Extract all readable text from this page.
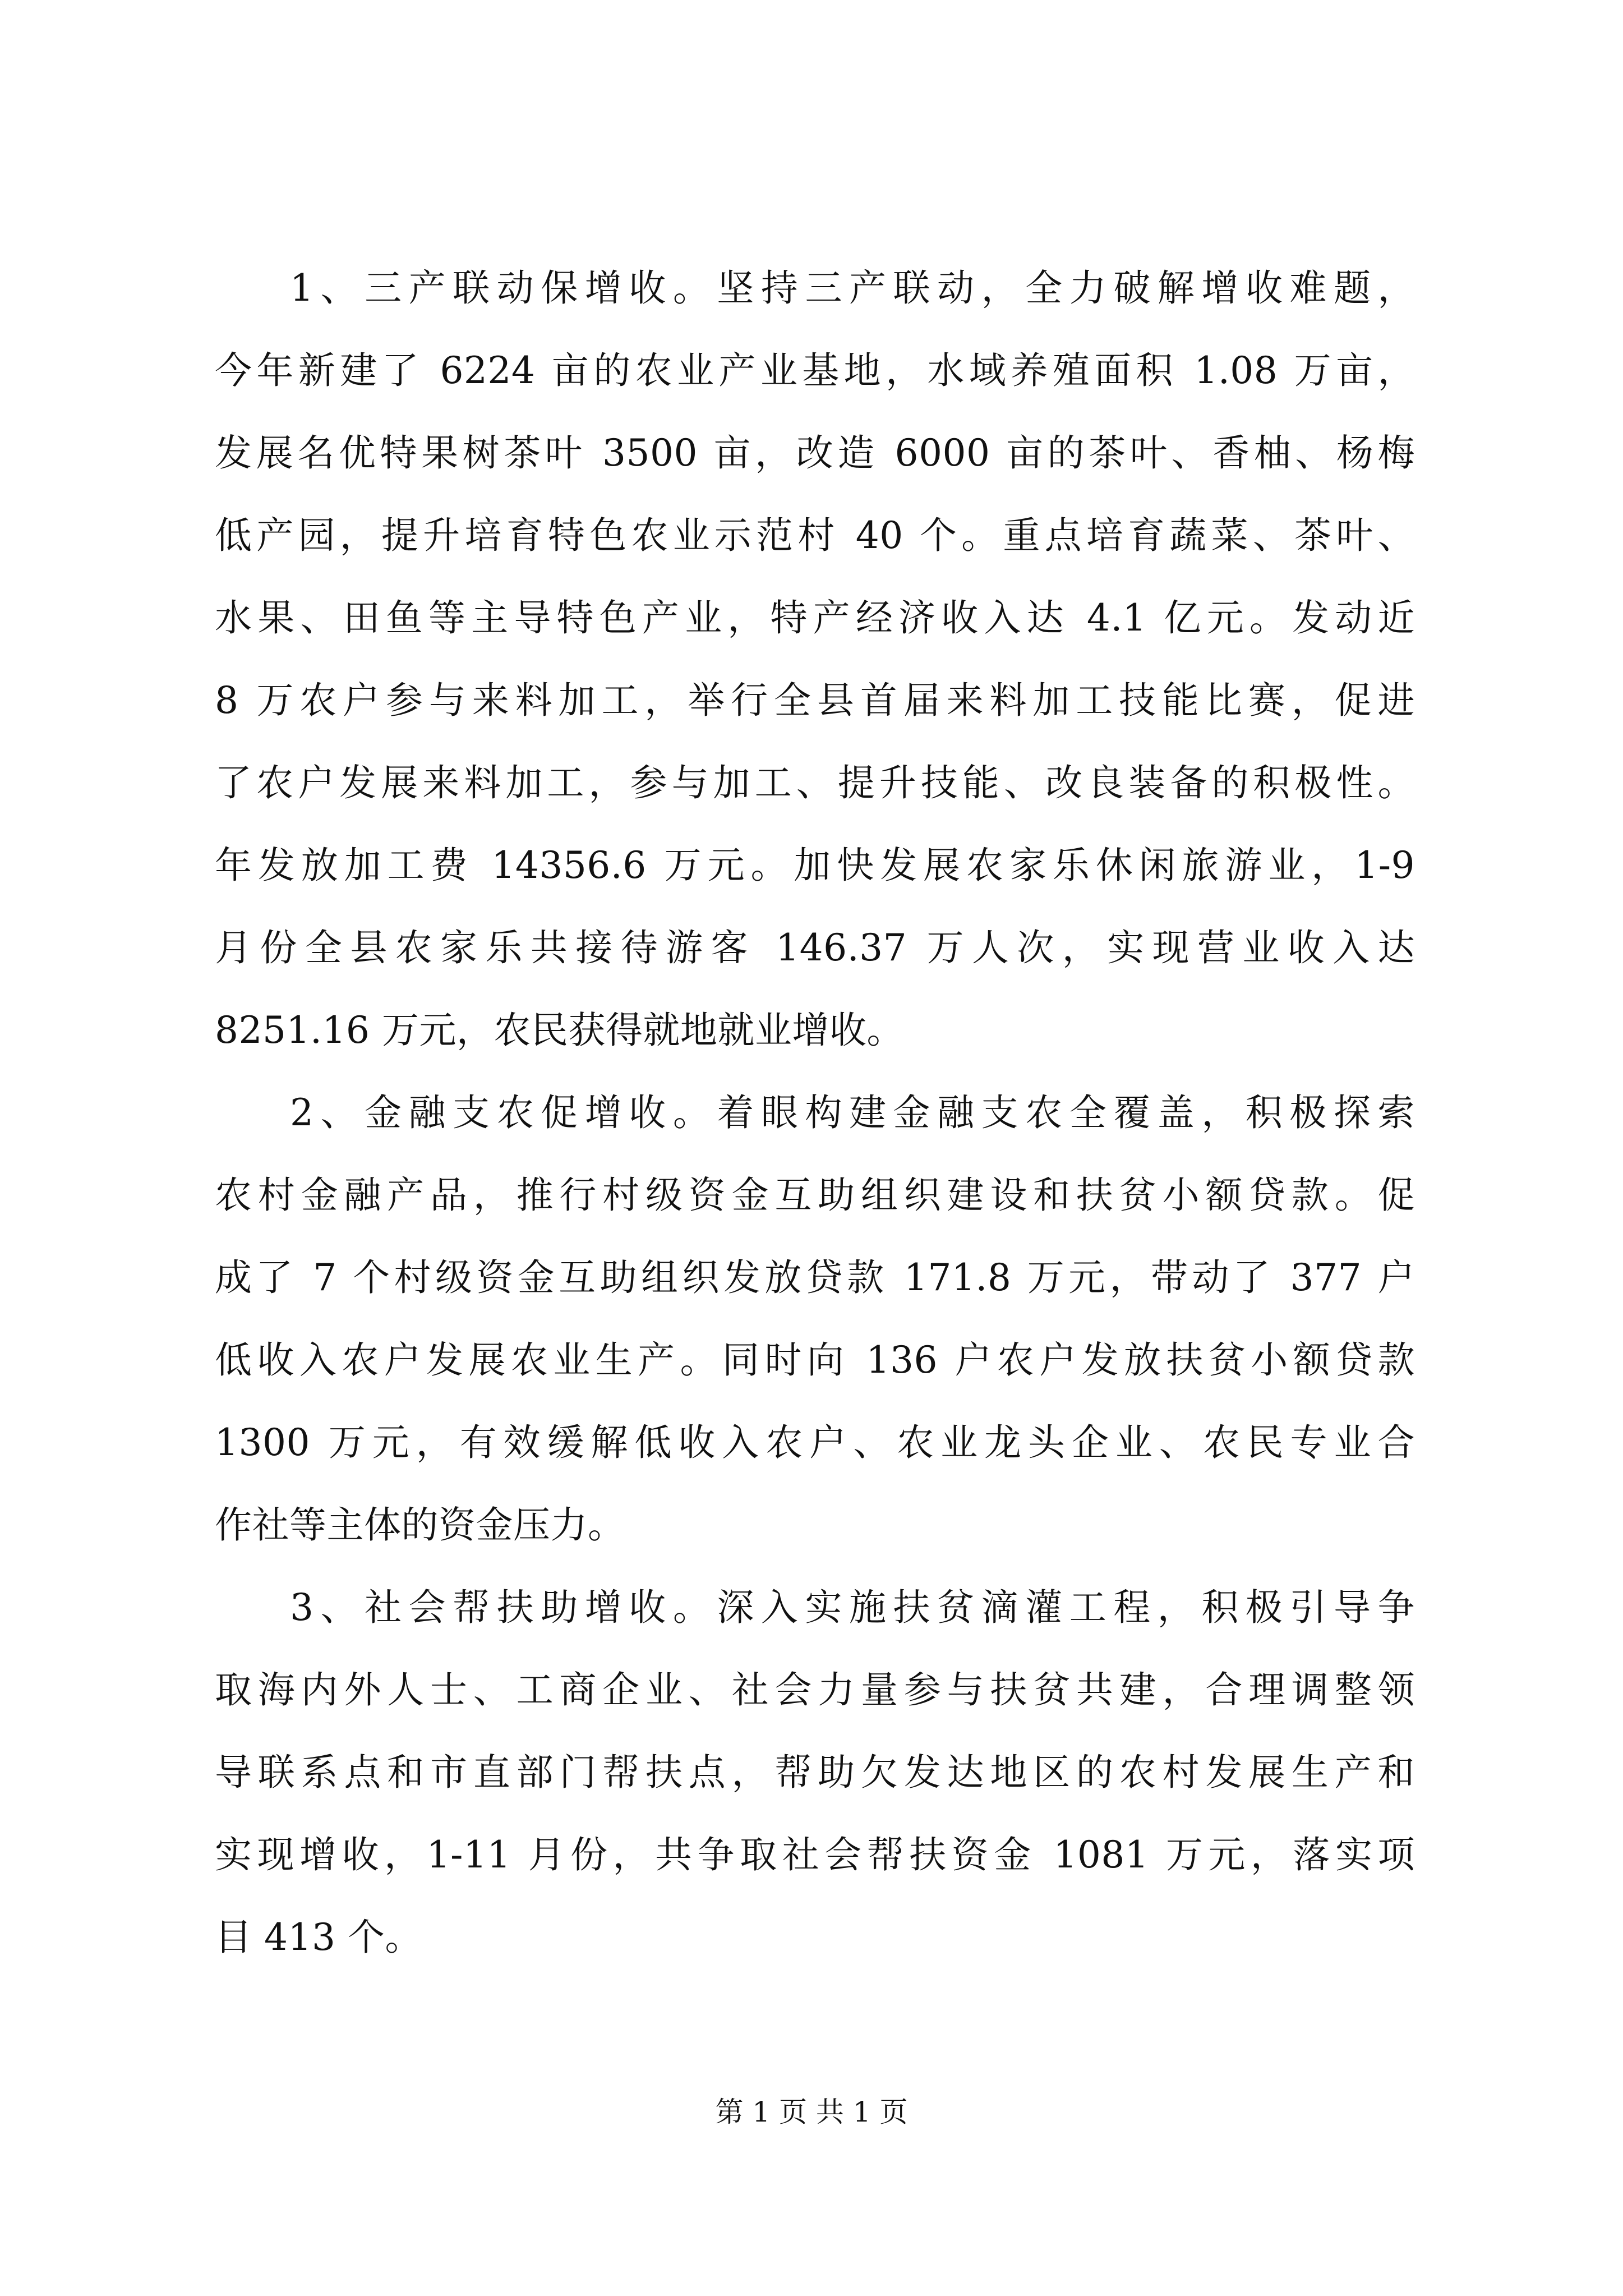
1、三产联动保增收。坚持三产联动，全力破解增收难题，
今年新建了 6224 亩的农业产业基地，水域养殖面积 1.08 万亩，
发展名优特果树茶叶 3500 亩，改造 6000 亩的茶叶、香柚、杨梅
低产园，提升培育特色农业示范村 40 个。重点培育蔬菜、茶叶、
水果、田鱼等主导特色产业，特产经济收入达 4.1 亿元。发动近
8 万农户参与来料加工，举行全县首届来料加工技能比赛，促进
了农户发展来料加工，参与加工、提升技能、改良装备的积极性。
年发放加工费 14356.6 万元。加快发展农家乐休闲旅游业，1-9
月份全县农家乐共接待游客 146.37 万人次，实现营业收入达
8251.16 万元，农民获得就地就业增收。
2、金融支农促增收。着眼构建金融支农全覆盖，积极探索
农村金融产品，推行村级资金互助组织建设和扶贫小额贷款。促
成了 7 个村级资金互助组织发放贷款 171.8 万元，带动了 377 户
低收入农户发展农业生产。同时向 136 户农户发放扶贫小额贷款
1300 万元，有效缓解低收入农户、农业龙头企业、农民专业合
作社等主体的资金压力。
3、社会帮扶助增收。深入实施扶贫滴灌工程，积极引导争
取海内外人士、工商企业、社会力量参与扶贫共建，合理调整领
导联系点和市直部门帮扶点，帮助欠发达地区的农村发展生产和
实现增收，1-11 月份，共争取社会帮扶资金 1081 万元，落实项
目 413 个。
第 1 页 共 1 页
